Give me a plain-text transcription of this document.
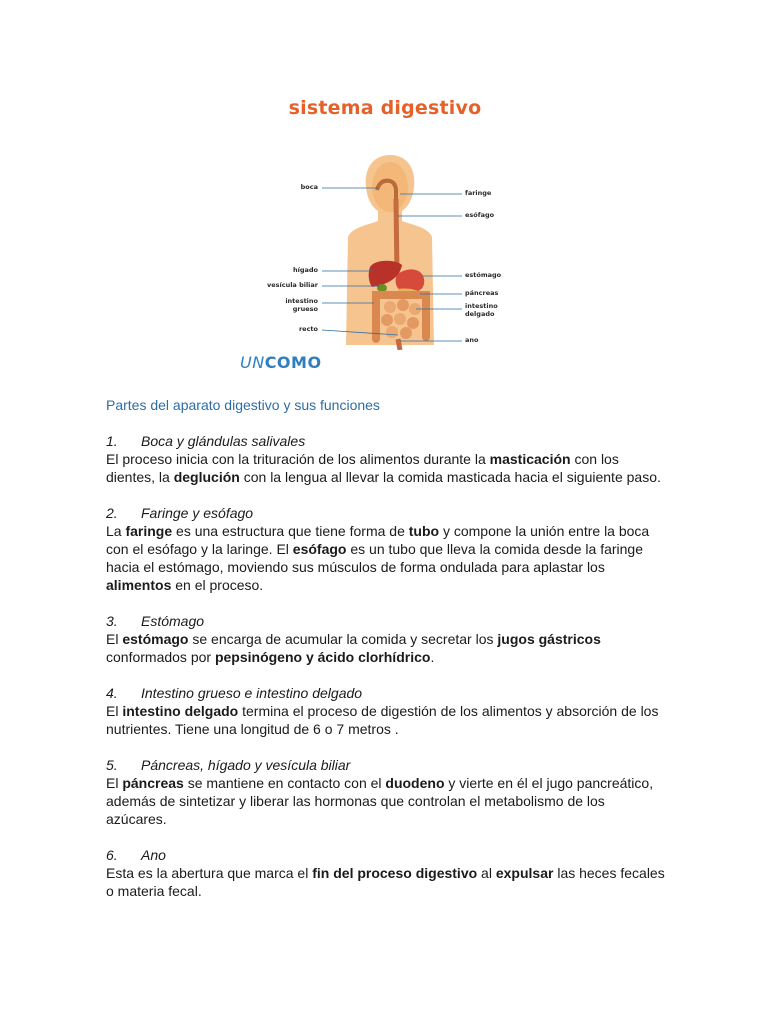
sistema digestivo
boca
hígado
vesícula biliar
intestino
grueso
recto
faringe
esófago
estómago
páncreas
intestino
delgado
ano
UNCOMO
Partes del aparato digestivo y sus funciones
1. Boca y glándulas salivales
El proceso inicia con la trituración de los alimentos durante la masticación con los dientes, la deglución con la lengua al llevar la comida masticada hacia el siguiente paso.
2. Faringe y esófago
La faringe es una estructura que tiene forma de tubo y compone la unión entre la boca con el esófago y la laringe. El esófago es un tubo que lleva la comida desde la faringe hacia el estómago, moviendo sus músculos de forma ondulada para aplastar los alimentos en el proceso.
3. Estómago
El estómago se encarga de acumular la comida y secretar los jugos gástricos conformados por pepsinógeno y ácido clorhídrico.
4. Intestino grueso e intestino delgado
El intestino delgado termina el proceso de digestión de los alimentos y absorción de los nutrientes. Tiene una longitud de 6 o 7 metros .
5. Páncreas, hígado y vesícula biliar
El páncreas se mantiene en contacto con el duodeno y vierte en él el jugo pancreático, además de sintetizar y liberar las hormonas que controlan el metabolismo de los azúcares.
6. Ano
Esta es la abertura que marca el fin del proceso digestivo al expulsar las heces fecales o materia fecal.
